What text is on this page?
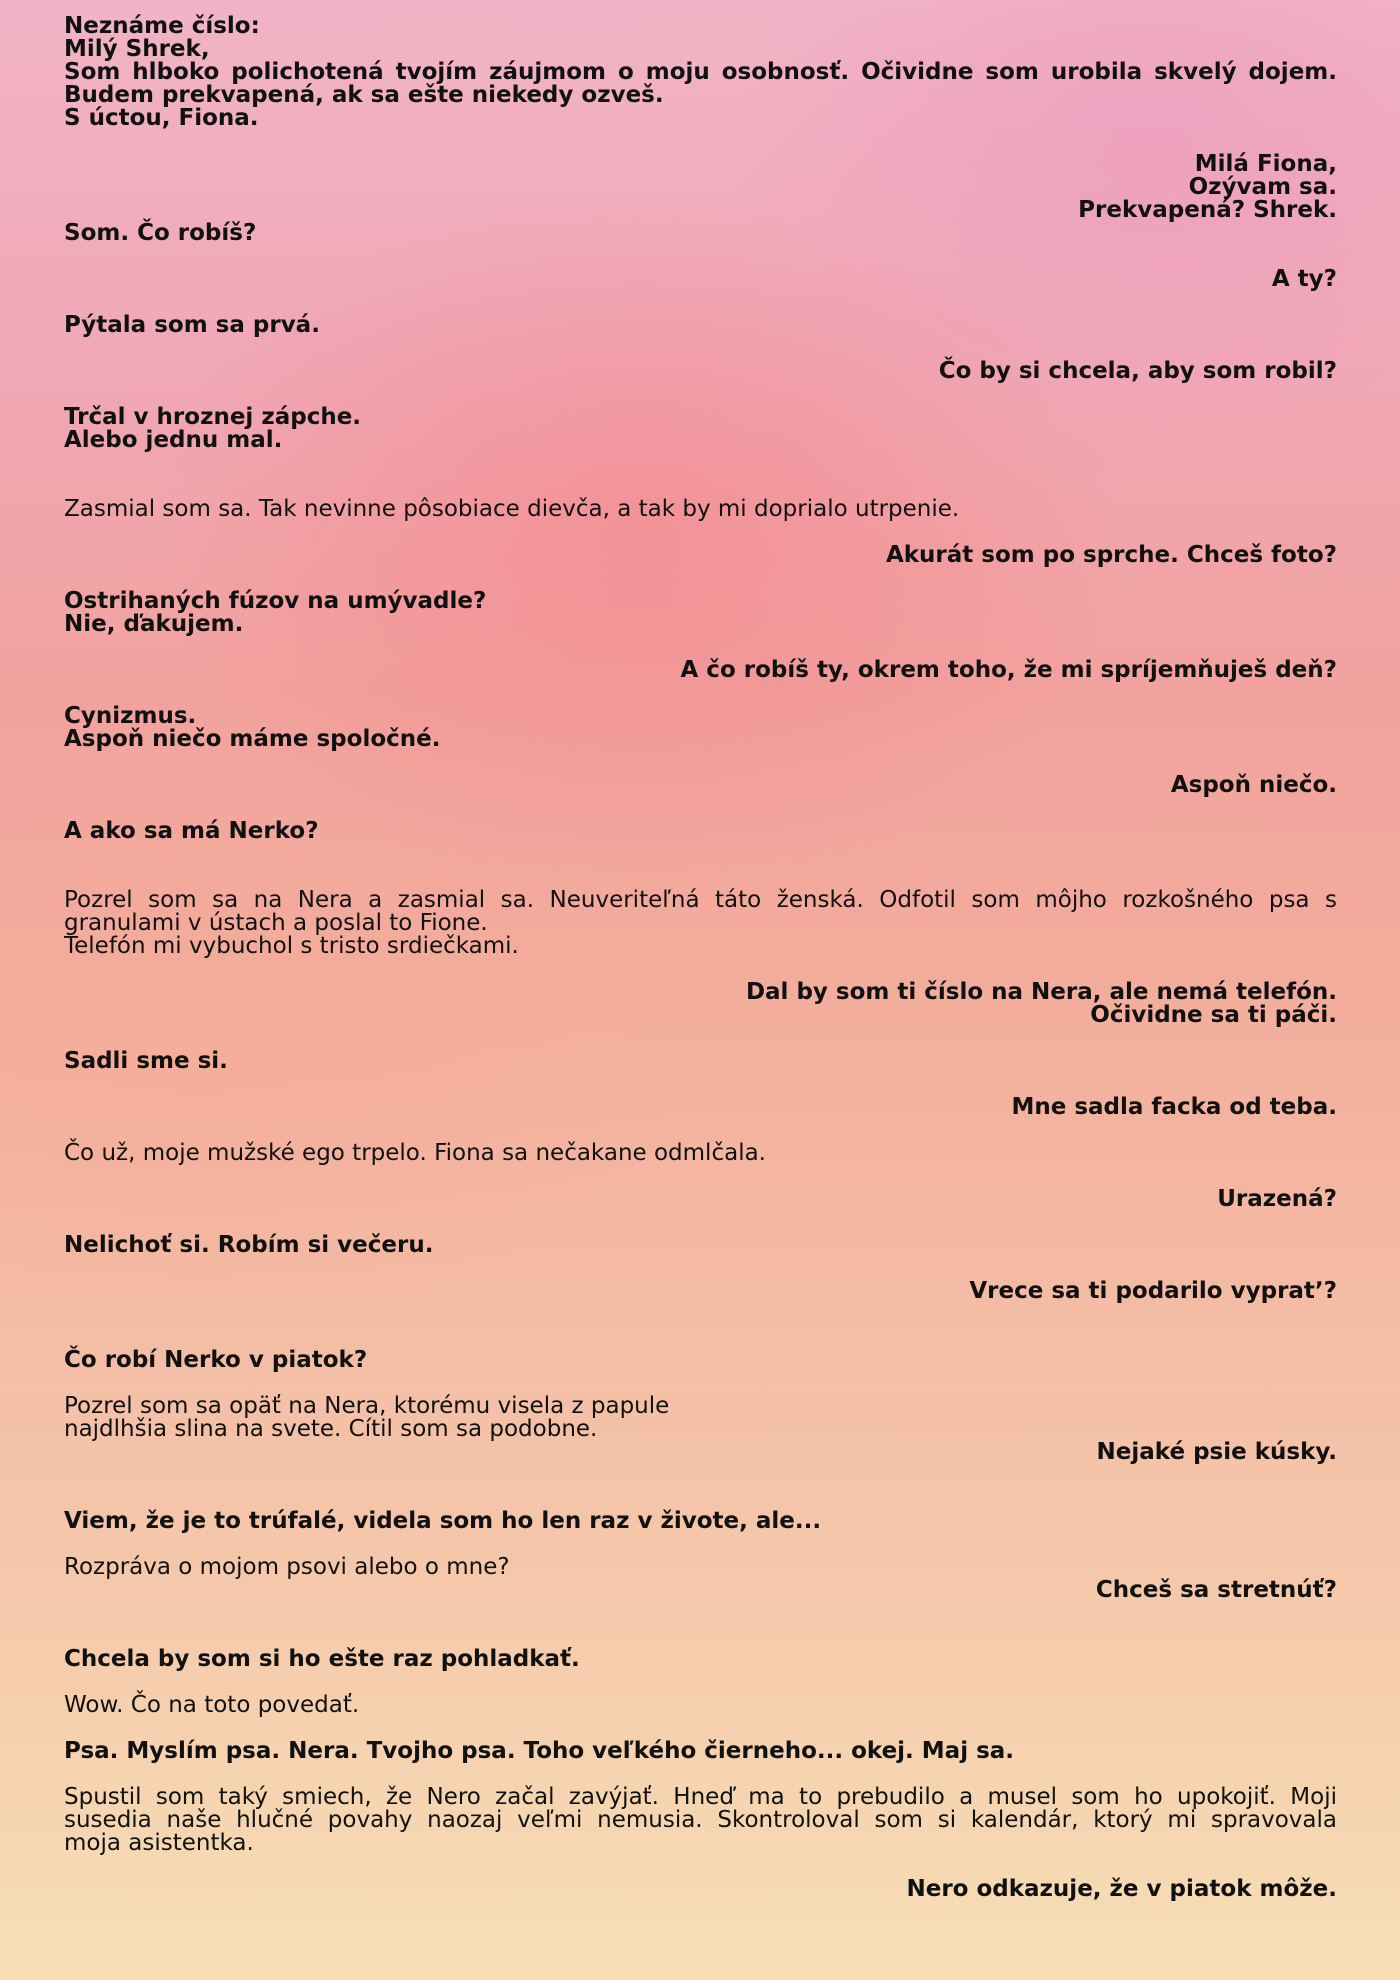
Neznáme číslo:
Milý Shrek,
Som hlboko polichotená tvojím záujmom o moju osobnosť. Očividne som urobila skvelý dojem.
Budem prekvapená, ak sa ešte niekedy ozveš.
S úctou, Fiona.
Milá Fiona,
Ozývam sa.
Prekvapená? Shrek.
Som. Čo robíš?
A ty?
Pýtala som sa prvá.
Čo by si chcela, aby som robil?
Trčal v hroznej zápche.
Alebo jednu mal.
Zasmial som sa. Tak nevinne pôsobiace dievča, a tak by mi doprialo utrpenie.
Akurát som po sprche. Chceš foto?
Ostrihaných fúzov na umývadle?
Nie, ďakujem.
A čo robíš ty, okrem toho, že mi spríjemňuješ deň?
Cynizmus.
Aspoň niečo máme spoločné.
Aspoň niečo.
A ako sa má Nerko?
Pozrel som sa na Nera a zasmial sa. Neuveriteľná táto ženská. Odfotil som môjho rozkošného psa s
granulami v ústach a poslal to Fione.
Telefón mi vybuchol s tristo srdiečkami.
Dal by som ti číslo na Nera, ale nemá telefón.
Očividne sa ti páči.
Sadli sme si.
Mne sadla facka od teba.
Čo už, moje mužské ego trpelo. Fiona sa nečakane odmlčala.
Urazená?
Nelichoť si. Robím si večeru.
Vrece sa ti podarilo vypratʼ?
Čo robí Nerko v piatok?
Pozrel som sa opäť na Nera, ktorému visela z papule
najdlhšia slina na svete. Cítil som sa podobne.
Nejaké psie kúsky.
Viem, že je to trúfalé, videla som ho len raz v živote, ale...
Rozpráva o mojom psovi alebo o mne?
Chceš sa stretnúť?
Chcela by som si ho ešte raz pohladkať.
Wow. Čo na toto povedať.
Psa. Myslím psa. Nera. Tvojho psa. Toho veľkého čierneho... okej. Maj sa.
Spustil som taký smiech, že Nero začal zavýjať. Hneď ma to prebudilo a musel som ho upokojiť. Moji
susedia naše hlučné povahy naozaj veľmi nemusia. Skontroloval som si kalendár, ktorý mi spravovala
moja asistentka.
Nero odkazuje, že v piatok môže.
